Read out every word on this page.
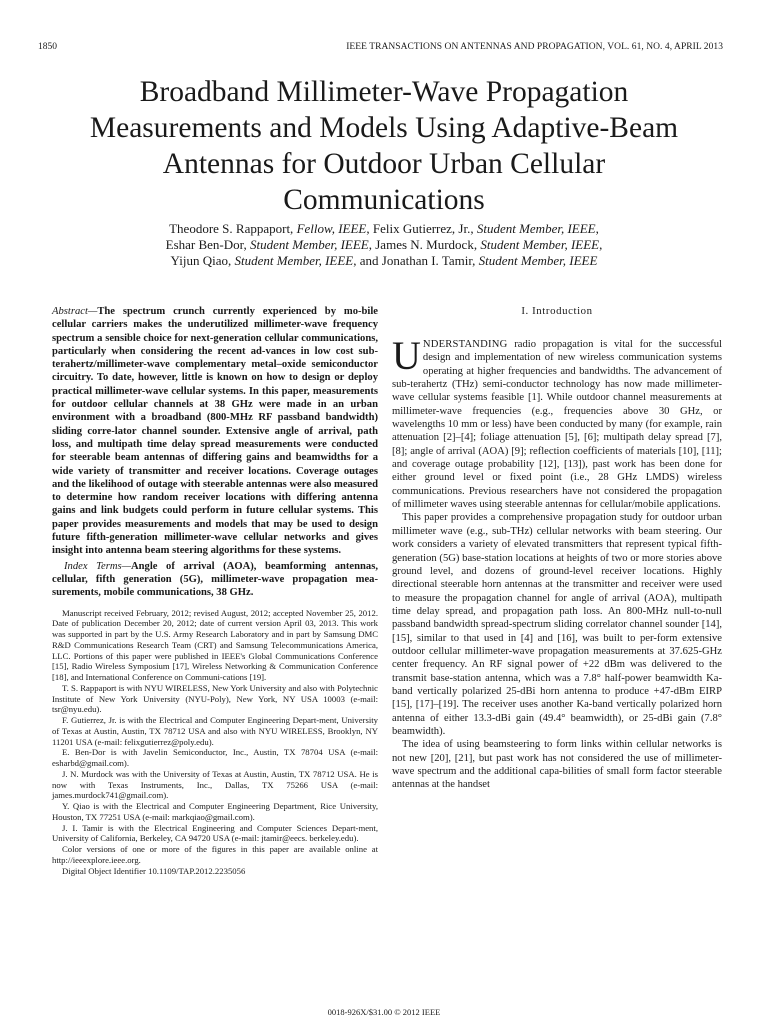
1850	IEEE TRANSACTIONS ON ANTENNAS AND PROPAGATION, VOL. 61, NO. 4, APRIL 2013
Broadband Millimeter-Wave Propagation
Measurements and Models Using Adaptive-Beam
Antennas for Outdoor Urban Cellular
Communications
Theodore S. Rappaport, Fellow, IEEE, Felix Gutierrez, Jr., Student Member, IEEE,
Eshar Ben-Dor, Student Member, IEEE, James N. Murdock, Student Member, IEEE,
Yijun Qiao, Student Member, IEEE, and Jonathan I. Tamir, Student Member, IEEE

Abstract—The spectrum crunch currently experienced by mo-bile cellular carriers makes the underutilized millimeter-wave frequency spectrum a sensible choice for next-generation cellular communications, particularly when considering the recent ad-vances in low cost sub-terahertz/millimeter-wave complementary metal–oxide semiconductor circuitry. To date, however, little is known on how to design or deploy practical millimeter-wave cellular systems. In this paper, measurements for outdoor cellular channels at 38 GHz were made in an urban environment with a broadband (800-MHz RF passband bandwidth) sliding corre-lator channel sounder. Extensive angle of arrival, path loss, and multipath time delay spread measurements were conducted for steerable beam antennas of differing gains and beamwidths for a wide variety of transmitter and receiver locations. Coverage outages and the likelihood of outage with steerable antennas were also measured to determine how random receiver locations with differing antenna gains and link budgets could perform in future cellular systems. This paper provides measurements and models that may be used to design future fifth-generation millimeter-wave cellular networks and gives insight into antenna beam steering algorithms for these systems.

Index Terms—Angle of arrival (AOA), beamforming antennas, cellular, fifth generation (5G), millimeter-wave propagation mea-surements, mobile communications, 38 GHz.

Manuscript received February, 2012; revised August, 2012; accepted November 25, 2012. Date of publication December 20, 2012; date of current version April 03, 2013. This work was supported in part by the U.S. Army Research Laboratory and in part by Samsung DMC R&D Communications Research Team (CRT) and Samsung Telecommunications America, LLC. Portions of this paper were published in IEEE's Global Communications Conference [15], Radio Wireless Symposium [17], Wireless Networking & Communication Conference [18], and International Conference on Communi-cations [19].

T. S. Rappaport is with NYU WIRELESS, New York University and also with Polytechnic Institute of New York University (NYU-Poly), New York, NY USA 10003 (e-mail: tsr@nyu.edu).

F. Gutierrez, Jr. is with the Electrical and Computer Engineering Depart-ment, University of Texas at Austin, Austin, TX 78712 USA and also with NYU WIRELESS, Brooklyn, NY 11201 USA (e-mail: felixgutierrez@poly.edu).

E. Ben-Dor is with Javelin Semiconductor, Inc., Austin, TX 78704 USA (e-mail: esharbd@gmail.com).

J. N. Murdock was with the University of Texas at Austin, Austin, TX 78712 USA. He is now with Texas Instruments, Inc., Dallas, TX 75266 USA (e-mail: james.murdock741@gmail.com).

Y. Qiao is with the Electrical and Computer Engineering Department, Rice University, Houston, TX 77251 USA (e-mail: markqiao@gmail.com).

J. I. Tamir is with the Electrical Engineering and Computer Sciences Depart-ment, University of California, Berkeley, CA 94720 USA (e-mail: jtamir@eecs. berkeley.edu).

Color versions of one or more of the figures in this paper are available online at http://ieeexplore.ieee.org.

Digital Object Identifier 10.1109/TAP.2012.2235056

I. Introduction

UNDERSTANDING radio propagation is vital for the successful design and implementation of new wireless communication systems operating at higher frequencies and bandwidths. The advancement of sub-terahertz (THz) semi-conductor technology has now made millimeter-wave cellular systems feasible [1]. While outdoor channel measurements at millimeter-wave frequencies (e.g., frequencies above 30 GHz, or wavelengths 10 mm or less) have been conducted by many (for example, rain attenuation [2]–[4]; foliage attenuation [5], [6]; multipath delay spread [7], [8]; angle of arrival (AOA) [9]; reflection coefficients of materials [10], [11]; and coverage outage probability [12], [13]), past work has been done for either ground level or fixed point (i.e., 28 GHz LMDS) wireless communications. Previous researchers have not considered the propagation of millimeter waves using steerable antennas for cellular/mobile applications.

This paper provides a comprehensive propagation study for outdoor urban millimeter wave (e.g., sub-THz) cellular networks with beam steering. Our work considers a variety of elevated transmitters that represent typical fifth-generation (5G) base-station locations at heights of two or more stories above ground level, and dozens of ground-level receiver locations. Highly directional steerable horn antennas at the transmitter and receiver were used to measure the propagation channel for angle of arrival (AOA), multipath time delay spread, and propagation path loss. An 800-MHz null-to-null passband bandwidth spread-spectrum sliding correlator channel sounder [14], [15], similar to that used in [4] and [16], was built to per-form extensive outdoor cellular millimeter-wave propagation measurements at 37.625-GHz center frequency. An RF signal power of +22 dBm was delivered to the transmit base-station antenna, which was a 7.8° half-power beamwidth Ka-band vertically polarized 25-dBi horn antenna to produce +47-dBm EIRP [15], [17]–[19]. The receiver uses another Ka-band vertically polarized horn antenna of either 13.3-dBi gain (49.4° beamwidth), or 25-dBi gain (7.8° beamwidth).

The idea of using beamsteering to form links within cellular networks is not new [20], [21], but past work has not considered the use of millimeter-wave spectrum and the additional capa-bilities of small form factor steerable antennas at the handset

0018-926X/$31.00 © 2012 IEEE
